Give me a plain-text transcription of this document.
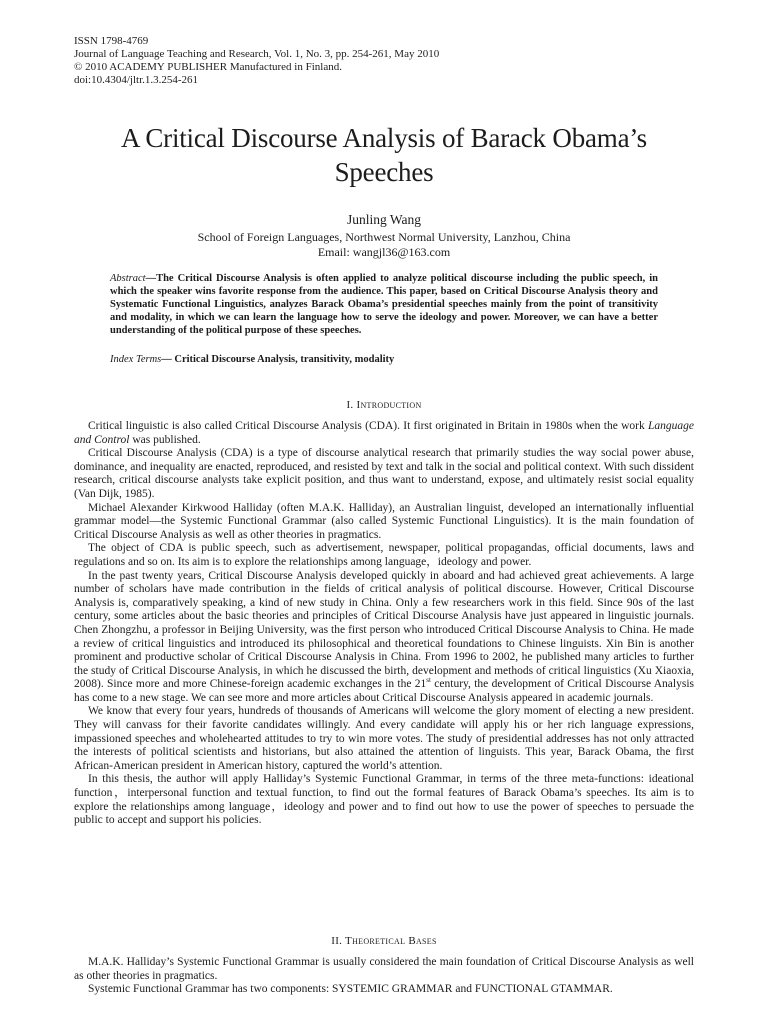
ISSN 1798-4769
Journal of Language Teaching and Research, Vol. 1, No. 3, pp. 254-261, May 2010
© 2010 ACADEMY PUBLISHER Manufactured in Finland.
doi:10.4304/jltr.1.3.254-261
A Critical Discourse Analysis of Barack Obama’s
Speeches
Junling Wang
School of Foreign Languages, Northwest Normal University, Lanzhou, China
Email: wangjl36@163.com
Abstract—The Critical Discourse Analysis is often applied to analyze political discourse including the public speech, in which the speaker wins favorite response from the audience. This paper, based on Critical Discourse Analysis theory and Systematic Functional Linguistics, analyzes Barack Obama’s presidential speeches mainly from the point of transitivity and modality, in which we can learn the language how to serve the ideology and power. Moreover, we can have a better understanding of the political purpose of these speeches.
Index Terms— Critical Discourse Analysis, transitivity, modality
I. Introduction

Critical linguistic is also called Critical Discourse Analysis (CDA). It first originated in Britain in 1980s when the work Language and Control was published.

Critical Discourse Analysis (CDA) is a type of discourse analytical research that primarily studies the way social power abuse, dominance, and inequality are enacted, reproduced, and resisted by text and talk in the social and political context. With such dissident research, critical discourse analysts take explicit position, and thus want to understand, expose, and ultimately resist social equality (Van Dijk, 1985).

Michael Alexander Kirkwood Halliday (often M.A.K. Halliday), an Australian linguist, developed an internationally influential grammar model—the Systemic Functional Grammar (also called Systemic Functional Linguistics). It is the main foundation of Critical Discourse Analysis as well as other theories in pragmatics.

The object of CDA is public speech, such as advertisement, newspaper, political propagandas, official documents, laws and regulations and so on. Its aim is to explore the relationships among language，ideology and power.

In the past twenty years, Critical Discourse Analysis developed quickly in aboard and had achieved great achievements. A large number of scholars have made contribution in the fields of critical analysis of political discourse. However, Critical Discourse Analysis is, comparatively speaking, a kind of new study in China. Only a few researchers work in this field. Since 90s of the last century, some articles about the basic theories and principles of Critical Discourse Analysis have just appeared in linguistic journals. Chen Zhongzhu, a professor in Beijing University, was the first person who introduced Critical Discourse Analysis to China. He made a review of critical linguistics and introduced its philosophical and theoretical foundations to Chinese linguists. Xin Bin is another prominent and productive scholar of Critical Discourse Analysis in China. From 1996 to 2002, he published many articles to further the study of Critical Discourse Analysis, in which he discussed the birth, development and methods of critical linguistics (Xu Xiaoxia, 2008). Since more and more Chinese-foreign academic exchanges in the 21st century, the development of Critical Discourse Analysis has come to a new stage. We can see more and more articles about Critical Discourse Analysis appeared in academic journals.

We know that every four years, hundreds of thousands of Americans will welcome the glory moment of electing a new president. They will canvass for their favorite candidates willingly. And every candidate will apply his or her rich language expressions, impassioned speeches and wholehearted attitudes to try to win more votes. The study of presidential addresses has not only attracted the interests of political scientists and historians, but also attained the attention of linguists. This year, Barack Obama, the first African-American president in American history, captured the world’s attention.

In this thesis, the author will apply Halliday’s Systemic Functional Grammar, in terms of the three meta-functions: ideational function，interpersonal function and textual function, to find out the formal features of Barack Obama’s speeches. Its aim is to explore the relationships among language，ideology and power and to find out how to use the power of speeches to persuade the public to accept and support his policies.

II. Theoretical Bases

M.A.K. Halliday’s Systemic Functional Grammar is usually considered the main foundation of Critical Discourse Analysis as well as other theories in pragmatics.

Systemic Functional Grammar has two components: SYSTEMIC GRAMMAR and FUNCTIONAL GTAMMAR.
